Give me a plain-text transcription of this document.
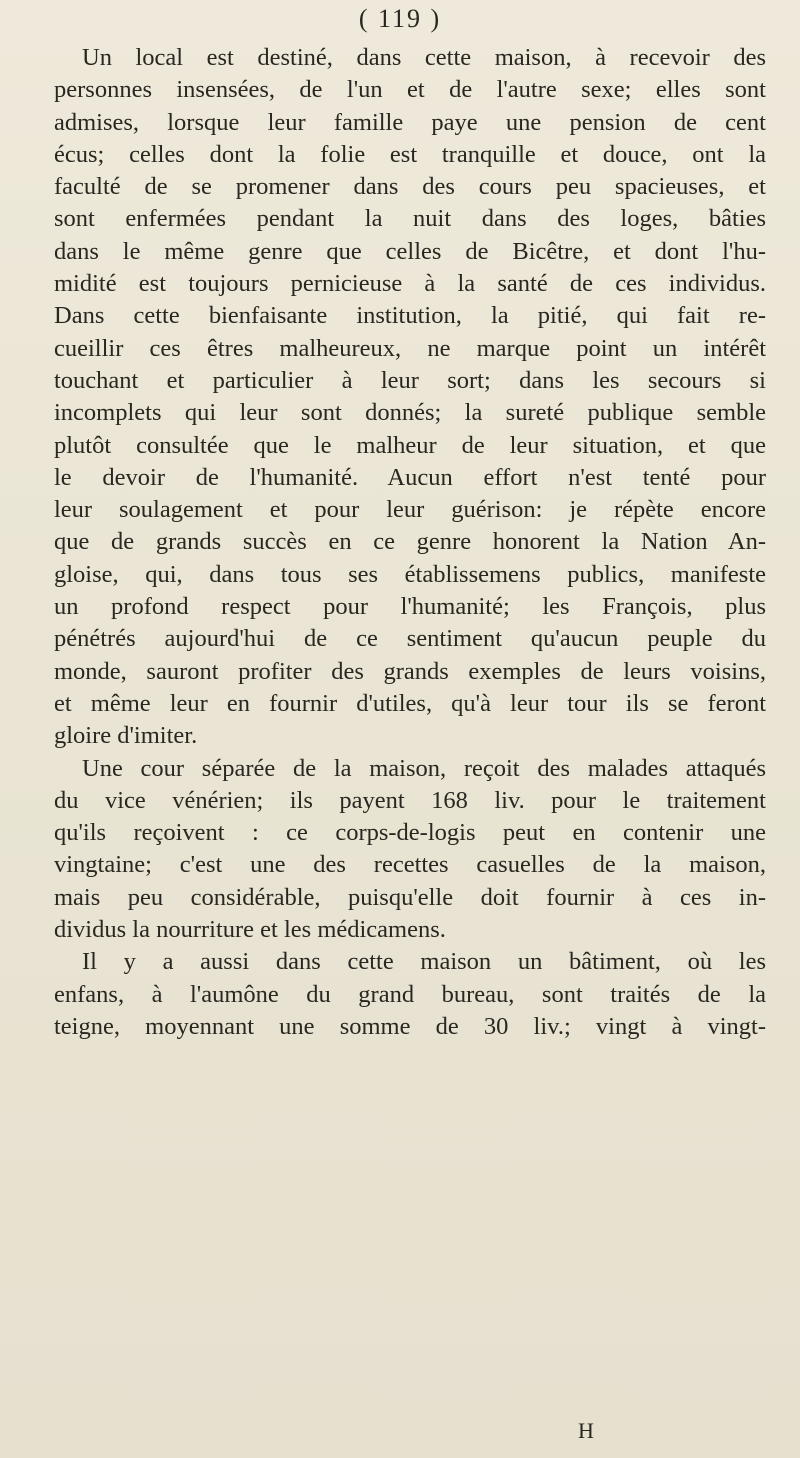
( 119 )
Un local est destiné, dans cette maison, à recevoir des
personnes insensées, de l'un et de l'autre sexe; elles sont
admises, lorsque leur famille paye une pension de cent
écus; celles dont la folie est tranquille et douce, ont la
faculté de se promener dans des cours peu spacieuses, et
sont enfermées pendant la nuit dans des loges, bâties
dans le même genre que celles de Bicêtre, et dont l'hu-
midité est toujours pernicieuse à la santé de ces individus.
Dans cette bienfaisante institution, la pitié, qui fait re-
cueillir ces êtres malheureux, ne marque point un intérêt
touchant et particulier à leur sort; dans les secours si
incomplets qui leur sont donnés; la sureté publique semble
plutôt consultée que le malheur de leur situation, et que
le devoir de l'humanité. Aucun effort n'est tenté pour
leur soulagement et pour leur guérison: je répète encore
que de grands succès en ce genre honorent la Nation An-
gloise, qui, dans tous ses établissemens publics, manifeste
un profond respect pour l'humanité; les François, plus
pénétrés aujourd'hui de ce sentiment qu'aucun peuple du
monde, sauront profiter des grands exemples de leurs voisins,
et même leur en fournir d'utiles, qu'à leur tour ils se feront
gloire d'imiter.
Une cour séparée de la maison, reçoit des malades attaqués
du vice vénérien; ils payent 168 liv. pour le traitement
qu'ils reçoivent : ce corps-de-logis peut en contenir une
vingtaine; c'est une des recettes casuelles de la maison,
mais peu considérable, puisqu'elle doit fournir à ces in-
dividus la nourriture et les médicamens.
Il y a aussi dans cette maison un bâtiment, où les
enfans, à l'aumône du grand bureau, sont traités de la
teigne, moyennant une somme de 30 liv.; vingt à vingt-
H
